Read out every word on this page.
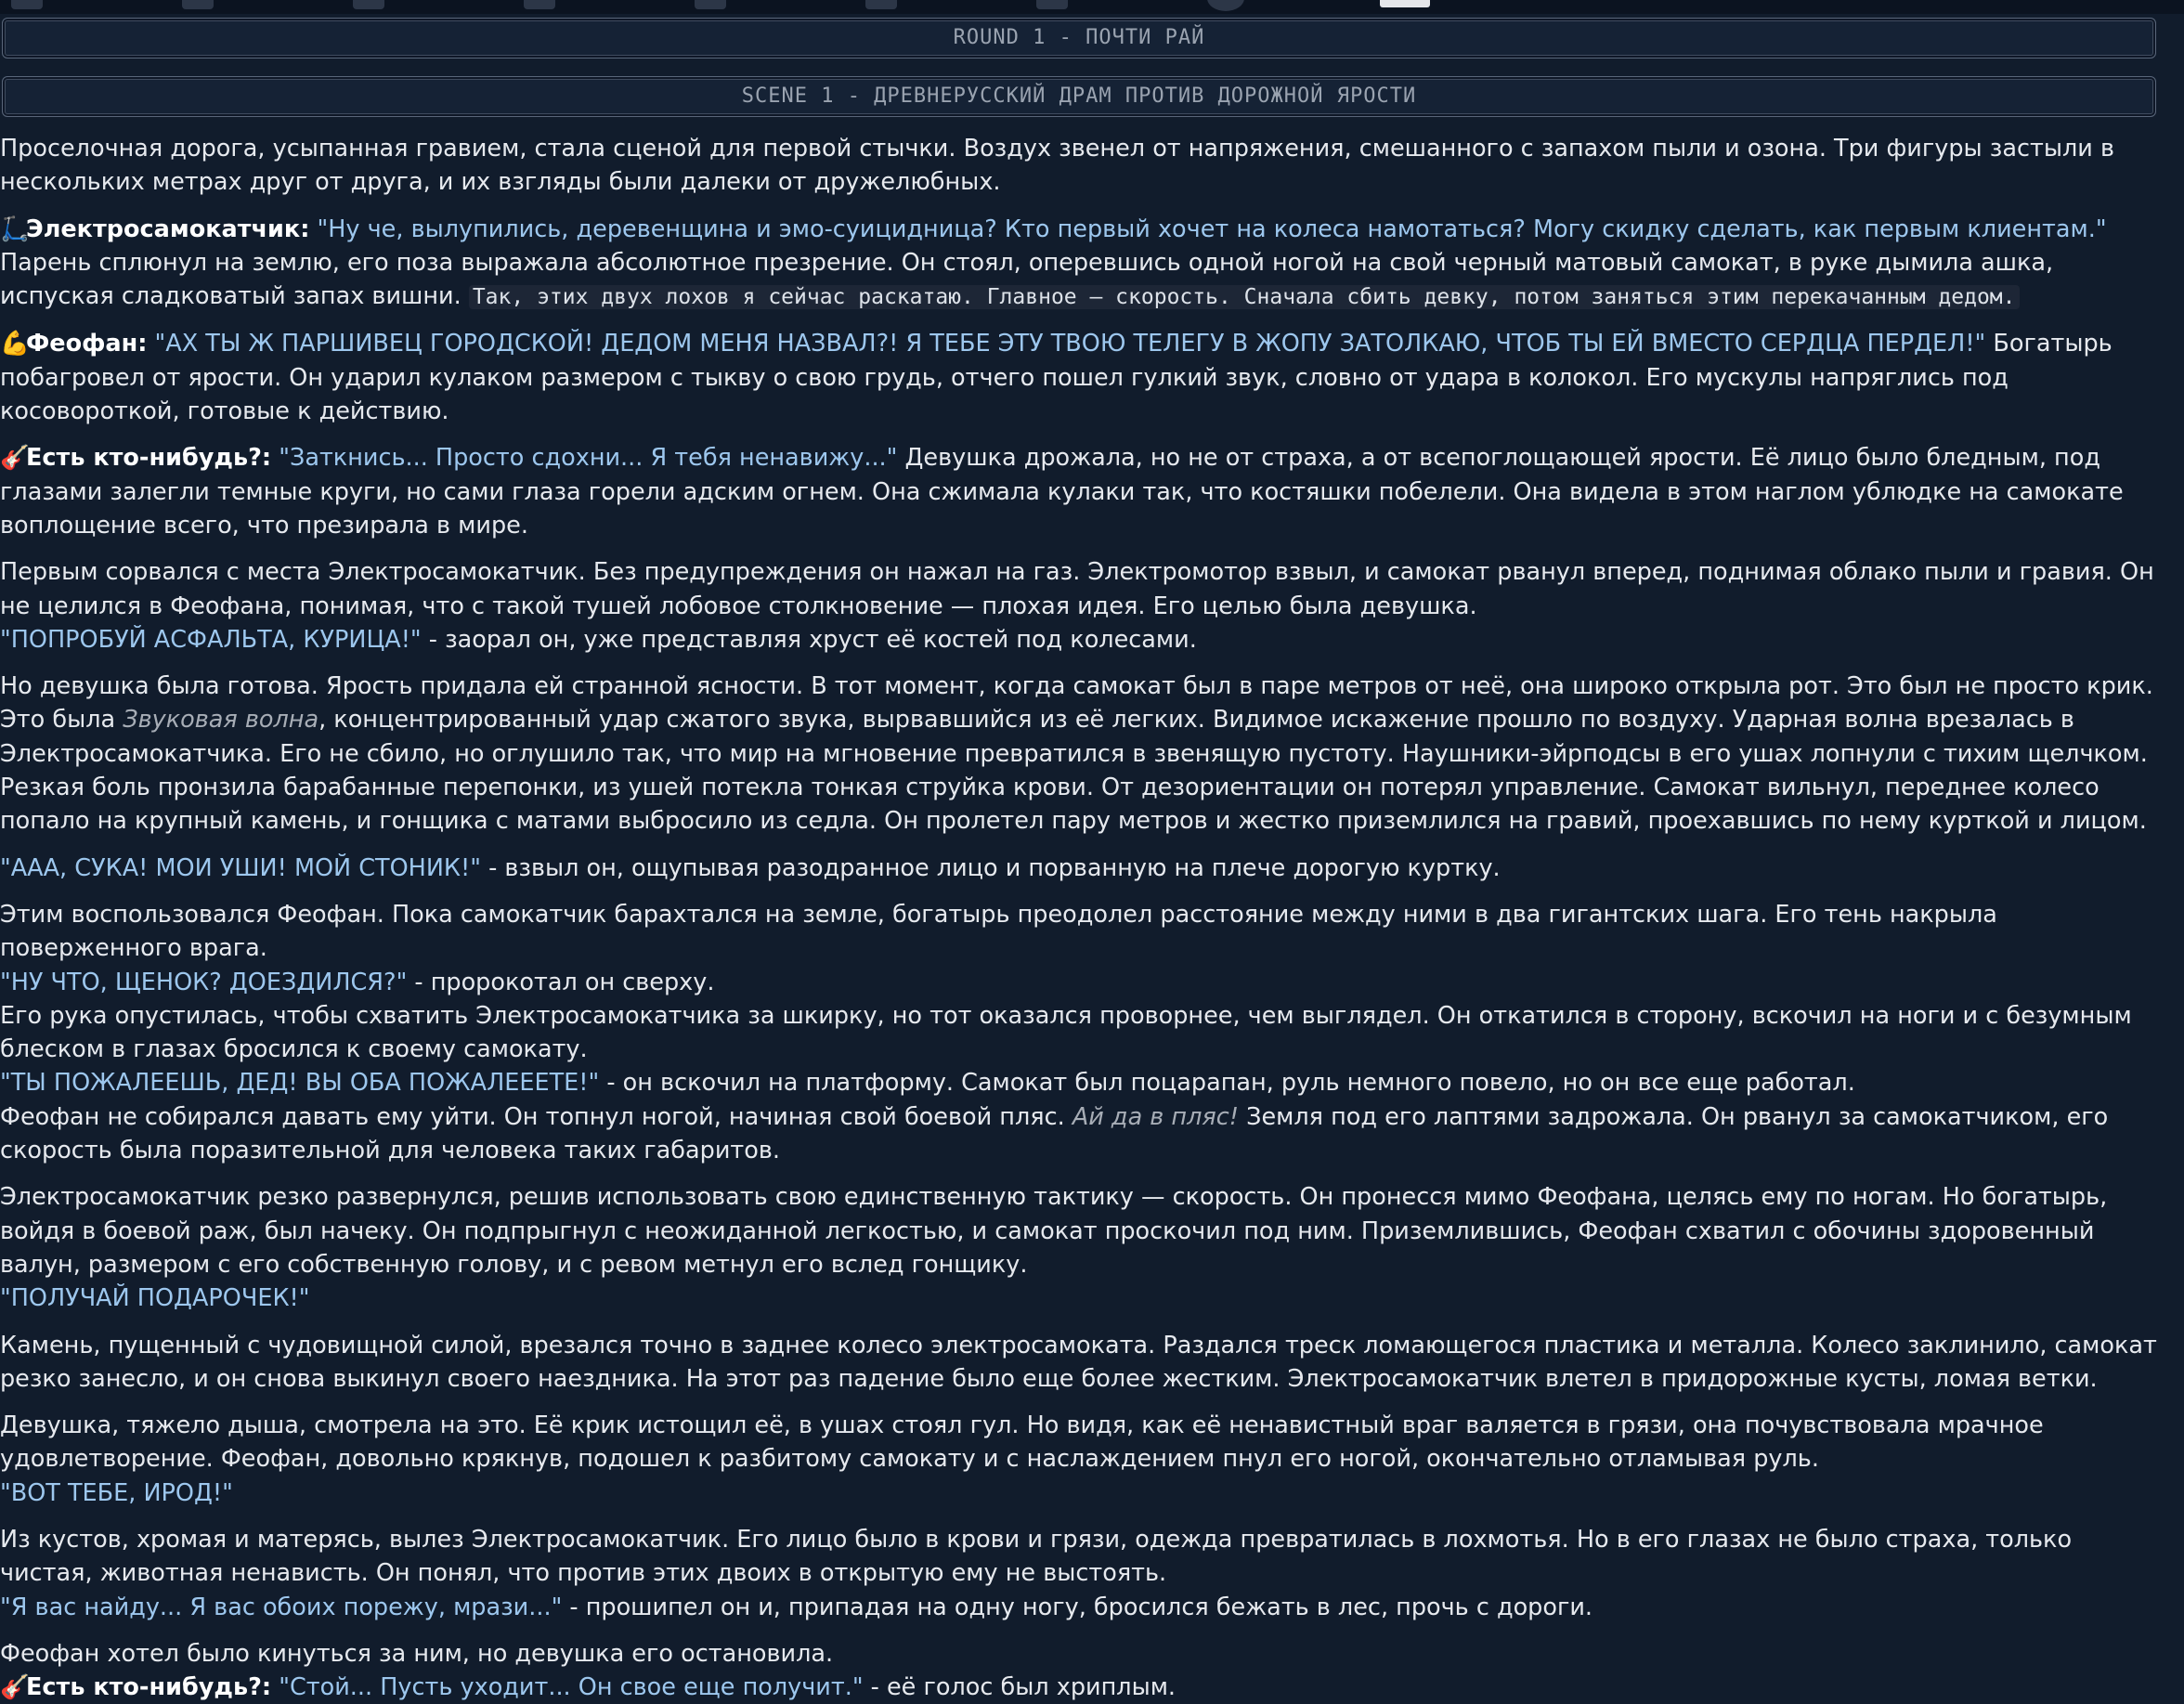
ROUND 1 - ПОЧТИ РАЙ
SCENE 1 - ДРЕВНЕРУССКИЙ ДРАМ ПРОТИВ ДОРОЖНОЙ ЯРОСТИ

Проселочная дорога, усыпанная гравием, стала сценой для первой стычки. Воздух звенел от напряжения, смешанного с запахом пыли и озона. Три фигуры застыли в нескольких метрах друг от друга, и их взгляды были далеки от дружелюбных.

🛴Электросамокатчик: "Ну че, вылупились, деревенщина и эмо-суицидница? Кто первый хочет на колеса намотаться? Могу скидку сделать, как первым клиентам." Парень сплюнул на землю, его поза выражала абсолютное презрение. Он стоял, оперевшись одной ногой на свой черный матовый самокат, в руке дымила ашка, испуская сладковатый запах вишни. Так, этих двух лохов я сейчас раскатаю. Главное — скорость. Сначала сбить девку, потом заняться этим перекачанным дедом.

💪Феофан: "АХ ТЫ Ж ПАРШИВЕЦ ГОРОДСКОЙ! ДЕДОМ МЕНЯ НАЗВАЛ?! Я ТЕБЕ ЭТУ ТВОЮ ТЕЛЕГУ В ЖОПУ ЗАТОЛКАЮ, ЧТОБ ТЫ ЕЙ ВМЕСТО СЕРДЦА ПЕРДЕЛ!" Богатырь побагровел от ярости. Он ударил кулаком размером с тыкву о свою грудь, отчего пошел гулкий звук, словно от удара в колокол. Его мускулы напряглись под косовороткой, готовые к действию.

🎸Есть кто-нибудь?: "Заткнись... Просто сдохни... Я тебя ненавижу..." Девушка дрожала, но не от страха, а от всепоглощающей ярости. Её лицо было бледным, под глазами залегли темные круги, но сами глаза горели адским огнем. Она сжимала кулаки так, что костяшки побелели. Она видела в этом наглом ублюдке на самокате воплощение всего, что презирала в мире.

Первым сорвался с места Электросамокатчик. Без предупреждения он нажал на газ. Электромотор взвыл, и самокат рванул вперед, поднимая облако пыли и гравия. Он не целился в Феофана, понимая, что с такой тушей лобовое столкновение — плохая идея. Его целью была девушка.
"ПОПРОБУЙ АСФАЛЬТА, КУРИЦА!" - заорал он, уже представляя хруст её костей под колесами.

Но девушка была готова. Ярость придала ей странной ясности. В тот момент, когда самокат был в паре метров от неё, она широко открыла рот. Это был не просто крик. Это была Звуковая волна, концентрированный удар сжатого звука, вырвавшийся из её легких. Видимое искажение прошло по воздуху. Ударная волна врезалась в Электросамокатчика. Его не сбило, но оглушило так, что мир на мгновение превратился в звенящую пустоту. Наушники-эйрподсы в его ушах лопнули с тихим щелчком. Резкая боль пронзила барабанные перепонки, из ушей потекла тонкая струйка крови. От дезориентации он потерял управление. Самокат вильнул, переднее колесо попало на крупный камень, и гонщика с матами выбросило из седла. Он пролетел пару метров и жестко приземлился на гравий, проехавшись по нему курткой и лицом.

"ААА, СУКА! МОИ УШИ! МОЙ СТОНИК!" - взвыл он, ощупывая разодранное лицо и порванную на плече дорогую куртку.

Этим воспользовался Феофан. Пока самокатчик барахтался на земле, богатырь преодолел расстояние между ними в два гигантских шага. Его тень накрыла поверженного врага.
"НУ ЧТО, ЩЕНОК? ДОЕЗДИЛСЯ?" - пророкотал он сверху.
Его рука опустилась, чтобы схватить Электросамокатчика за шкирку, но тот оказался проворнее, чем выглядел. Он откатился в сторону, вскочил на ноги и с безумным блеском в глазах бросился к своему самокату.
"ТЫ ПОЖАЛЕЕШЬ, ДЕД! ВЫ ОБА ПОЖАЛЕЕЕТЕ!" - он вскочил на платформу. Самокат был поцарапан, руль немного повело, но он все еще работал.
Феофан не собирался давать ему уйти. Он топнул ногой, начиная свой боевой пляс. Ай да в пляс! Земля под его лаптями задрожала. Он рванул за самокатчиком, его скорость была поразительной для человека таких габаритов.

Электросамокатчик резко развернулся, решив использовать свою единственную тактику — скорость. Он пронесся мимо Феофана, целясь ему по ногам. Но богатырь, войдя в боевой раж, был начеку. Он подпрыгнул с неожиданной легкостью, и самокат проскочил под ним. Приземлившись, Феофан схватил с обочины здоровенный валун, размером с его собственную голову, и с ревом метнул его вслед гонщику.
"ПОЛУЧАЙ ПОДАРОЧЕК!"

Камень, пущенный с чудовищной силой, врезался точно в заднее колесо электросамоката. Раздался треск ломающегося пластика и металла. Колесо заклинило, самокат резко занесло, и он снова выкинул своего наездника. На этот раз падение было еще более жестким. Электросамокатчик влетел в придорожные кусты, ломая ветки.

Девушка, тяжело дыша, смотрела на это. Её крик истощил её, в ушах стоял гул. Но видя, как её ненавистный враг валяется в грязи, она почувствовала мрачное удовлетворение. Феофан, довольно крякнув, подошел к разбитому самокату и с наслаждением пнул его ногой, окончательно отламывая руль.
"ВОТ ТЕБЕ, ИРОД!"

Из кустов, хромая и матерясь, вылез Электросамокатчик. Его лицо было в крови и грязи, одежда превратилась в лохмотья. Но в его глазах не было страха, только чистая, животная ненависть. Он понял, что против этих двоих в открытую ему не выстоять.
"Я вас найду... Я вас обоих порежу, мрази..." - прошипел он и, припадая на одну ногу, бросился бежать в лес, прочь с дороги.

Феофан хотел было кинуться за ним, но девушка его остановила.
🎸Есть кто-нибудь?: "Стой... Пусть уходит... Он свое еще получит." - её голос был хриплым.
